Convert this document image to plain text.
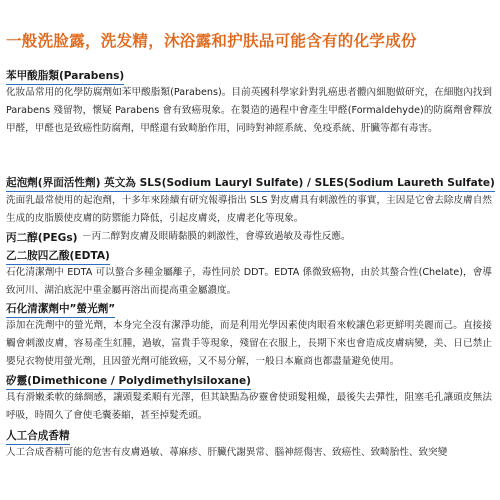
一般洗脸露，洗发精，沐浴露和护肤品可能含有的化学成份
苯甲酸脂類(Parabens)
化妝品常用的化學防腐劑如苯甲酸脂類(Parabens)。目前英國科學家針對乳癌患者體內細胞做研究，在細胞內找到 Parabens 殘留物，懷疑 Parabens 會有致癌現象。在製造的過程中會產生甲醛(Formaldehyde)的防腐劑會釋放甲醛，甲醛也是致癌性防腐劑，甲醛還有致畸胎作用，同時對神經系統、免疫系統、肝臟等都有毒害。
起泡劑(界面活性劑) 英文為 SLS(Sodium Lauryl Sulfate) / SLES(Sodium Laureth Sulfate)
洗面乳最常使用的起泡劑，十多年來陸續有研究報導指出 SLS 對皮膚具有刺激性的事實，主因是它會去除皮膚自然生成的皮脂膜使皮膚的防禦能力降低，引起皮膚炎，皮膚老化等現象。
丙二醇(PEGs) －丙二醇對皮膚及眼睛黏膜的刺激性，會導致過敏及毒性反應。
乙二胺四乙酸(EDTA)
石化清潔劑中 EDTA 可以螯合多種金屬離子，毒性同於 DDT。EDTA 係微致癌物，由於其螯合性(Chelate)，會導致河川、湖泊底泥中重金屬再溶出而提高重金屬濃度。
石化清潔劑中”螢光劑”
添加在洗劑中的螢光劑，本身完全沒有潔淨功能，而是利用光學因素使肉眼看來較讓色彩更鮮明美麗而己。直接接觸會刺激皮膚，容易產生紅腫，過敏，富貴手等現象，殘留在衣服上，長期下來也會造成皮膚病變，美、日已禁止嬰兒衣物使用螢光劑，且因螢光劑可能致癌，又不易分解，一般日本廠商也都盡量避免使用。
矽靈(Dimethicone / Polydimethylsiloxane)
具有滑嫩柔軟的絲綢感，讓頭髮柔順有光澤，但其缺點為矽靈會使頭髮粗燥，最後失去彈性，阻塞毛孔讓頭皮無法呼吸，時間久了會使毛囊萎縮，甚至掉髮禿頭。
人工合成香精
人工合成香精可能的危害有皮膚過敏、蕁麻疹、肝臟代謝異常、腦神經傷害、致癌性、致畸胎性、致突變
